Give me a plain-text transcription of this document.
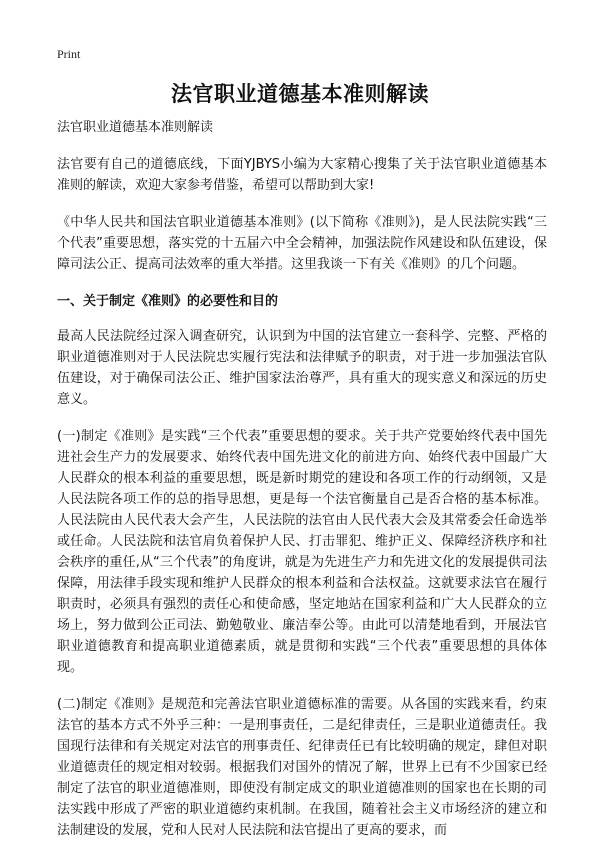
Print
法官职业道德基本准则解读

法官职业道德基本准则解读

法官要有自己的道德底线，下面YJBYS小编为大家精心搜集了关于法官职业道德基本准则的解读，欢迎大家参考借鉴，希望可以帮助到大家!

《中华人民共和国法官职业道德基本准则》(以下简称《准则》)，是人民法院实践“三个代表”重要思想，落实党的十五届六中全会精神，加强法院作风建设和队伍建设，保障司法公正、提高司法效率的重大举措。这里我谈一下有关《准则》的几个问题。

一、关于制定《准则》的必要性和目的

最高人民法院经过深入调查研究，认识到为中国的法官建立一套科学、完整、严格的职业道德准则对于人民法院忠实履行宪法和法律赋予的职责，对于进一步加强法官队伍建设，对于确保司法公正、维护国家法治尊严，具有重大的现实意义和深远的历史意义。

(一)制定《准则》是实践“三个代表”重要思想的要求。关于共产党要始终代表中国先进社会生产力的发展要求、始终代表中国先进文化的前进方向、始终代表中国最广大人民群众的根本利益的重要思想，既是新时期党的建设和各项工作的行动纲领，又是人民法院各项工作的总的指导思想，更是每一个法官衡量自己是否合格的基本标准。人民法院由人民代表大会产生，人民法院的法官由人民代表大会及其常委会任命选举或任命。人民法院和法官肩负着保护人民、打击罪犯、维护正义、保障经济秩序和社会秩序的重任,从“三个代表”的角度讲，就是为先进生产力和先进文化的发展提供司法保障，用法律手段实现和维护人民群众的根本利益和合法权益。这就要求法官在履行职责时，必须具有强烈的责任心和使命感，坚定地站在国家利益和广大人民群众的立场上，努力做到公正司法、勤勉敬业、廉洁奉公等。由此可以清楚地看到，开展法官职业道德教育和提高职业道德素质，就是贯彻和实践“三个代表”重要思想的具体体现。

(二)制定《准则》是规范和完善法官职业道德标准的需要。从各国的实践来看，约束法官的基本方式不外乎三种：一是刑事责任，二是纪律责任，三是职业道德责任。我国现行法律和有关规定对法官的刑事责任、纪律责任已有比较明确的规定，肆但对职业道德责任的规定相对较弱。根据我们对国外的情况了解，世界上已有不少国家已经制定了法官的职业道德准则，即使没有制定成文的职业道德准则的国家也在长期的司法实践中形成了严密的职业道德约束机制。在我国，随着社会主义市场经济的建立和法制建设的发展，党和人民对人民法院和法官提出了更高的要求，而
